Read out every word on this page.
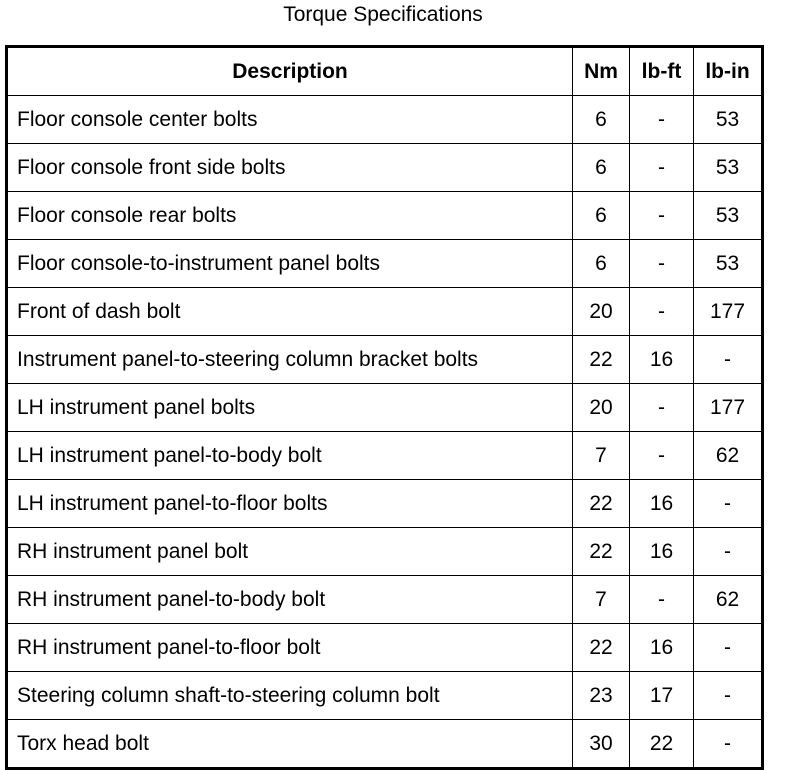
Torque Specifications
Description	Nm	lb-ft	lb-in
Floor console center bolts	6	-	53
Floor console front side bolts	6	-	53
Floor console rear bolts	6	-	53
Floor console-to-instrument panel bolts	6	-	53
Front of dash bolt	20	-	177
Instrument panel-to-steering column bracket bolts	22	16	-
LH instrument panel bolts	20	-	177
LH instrument panel-to-body bolt	7	-	62
LH instrument panel-to-floor bolts	22	16	-
RH instrument panel bolt	22	16	-
RH instrument panel-to-body bolt	7	-	62
RH instrument panel-to-floor bolt	22	16	-
Steering column shaft-to-steering column bolt	23	17	-
Torx head bolt	30	22	-
